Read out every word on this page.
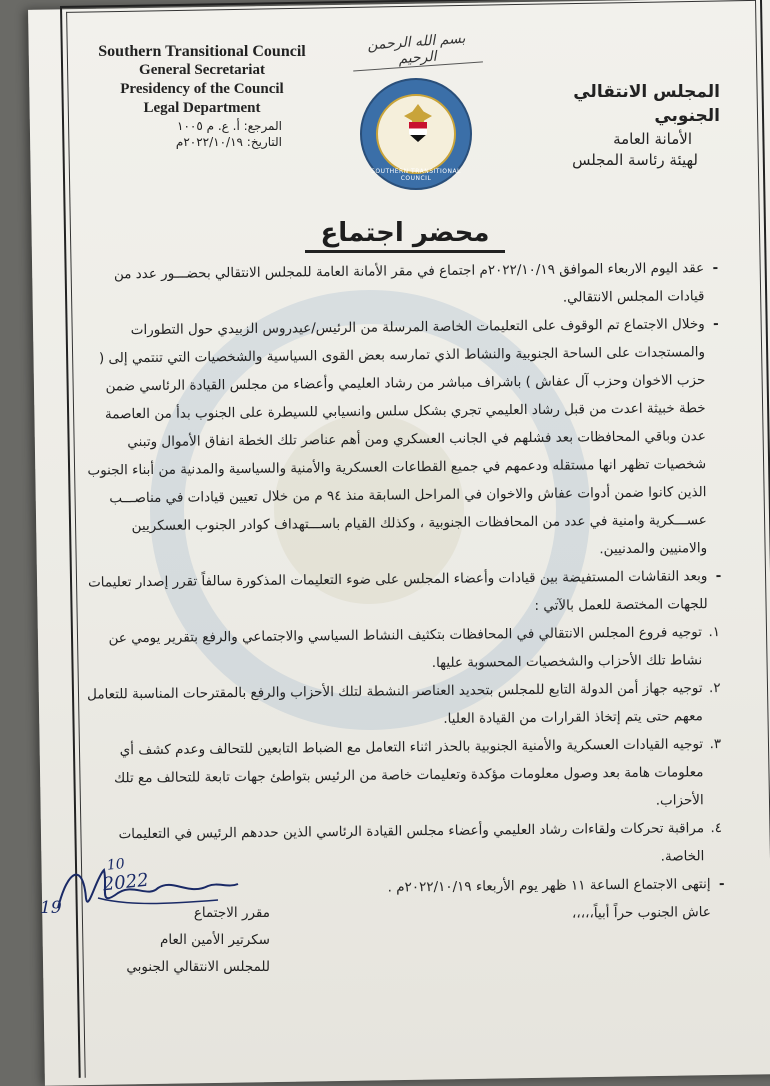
Southern Transitional Council
General Secretariat
Presidency of the Council
Legal Department
المرجع: أ. ع. م ١٠٠٥
التاريخ: ٢٠٢٢/١٠/١٩م
بسم الله الرحمن الرحيم
SOUTHERN TRANSITIONAL COUNCIL
المجلس الانتقالي الجنوبي
الأمانة العامة
لهيئة رئاسة المجلس
محضر اجتماع

-
عقد اليوم الاربعاء الموافق ٢٠٢٢/١٠/١٩م اجتماع في مقر الأمانة العامة للمجلس الانتقالي بحضـــور عدد من قيادات المجلس الانتقالي.

-
وخلال الاجتماع تم الوقوف على التعليمات الخاصة المرسلة من الرئيس/عيدروس الزبيدي حول التطورات والمستجدات على الساحة الجنوبية والنشاط الذي تمارسه بعض القوى السياسية والشخصيات التي تنتمي إلى ( حزب الاخوان وحزب آل عفاش ) باشراف مباشر من رشاد العليمي وأعضاء من مجلس القيادة الرئاسي ضمن خطة خبيثة اعدت من قبل رشاد العليمي تجري بشكل سلس وانسيابي للسيطرة على الجنوب بدأ من العاصمة عدن وباقي المحافظات بعد فشلهم في الجانب العسكري ومن أهم عناصر تلك الخطة انفاق الأموال وتبني شخصيات تظهر انها مستقله ودعمهم في جميع القطاعات العسكرية والأمنية والسياسية والمدنية من أبناء الجنوب الذين كانوا ضمن أدوات عفاش والاخوان في المراحل السابقة منذ ٩٤ م من خلال تعيين قيادات في مناصـــب عســـكرية وامنية في عدد من المحافظات الجنوبية ، وكذلك القيام باســـتهداف كوادر الجنوب العسكريين والامنيين والمدنيين.

-
وبعد النقاشات المستفيضة بين قيادات وأعضاء المجلس على ضوء التعليمات المذكورة سالفاً تقرر إصدار تعليمات للجهات المختصة للعمل بالآتي :

١.
توجيه فروع المجلس الانتقالي في المحافظات بتكثيف النشاط السياسي والاجتماعي والرفع بتقرير يومي عن نشاط تلك الأحزاب والشخصيات المحسوبة عليها.

٢.
توجيه جهاز أمن الدولة التابع للمجلس بتحديد العناصر النشطة لتلك الأحزاب والرفع بالمقترحات المناسبة للتعامل معهم حتى يتم إتخاذ القرارات من القيادة العليا.

٣.
توجيه القيادات العسكرية والأمنية الجنوبية بالحذر اثناء التعامل مع الضباط التابعين للتحالف وعدم كشف أي معلومات هامة بعد وصول معلومات مؤكدة وتعليمات خاصة من الرئيس بتواطئ جهات تابعة للتحالف مع تلك الأحزاب.

٤.
مراقبة تحركات ولقاءات رشاد العليمي وأعضاء مجلس القيادة الرئاسي الذين حددهم الرئيس في التعليمات الخاصة.

-
إنتهى الاجتماع الساعة ١١ ظهر يوم الأربعاء ٢٠٢٢/١٠/١٩م .

عاش الجنوب حراً أبياً،،،،،

10
2022
19	مقرر الاجتماع
سكرتير الأمين العام
للمجلس الانتقالي الجنوبي
